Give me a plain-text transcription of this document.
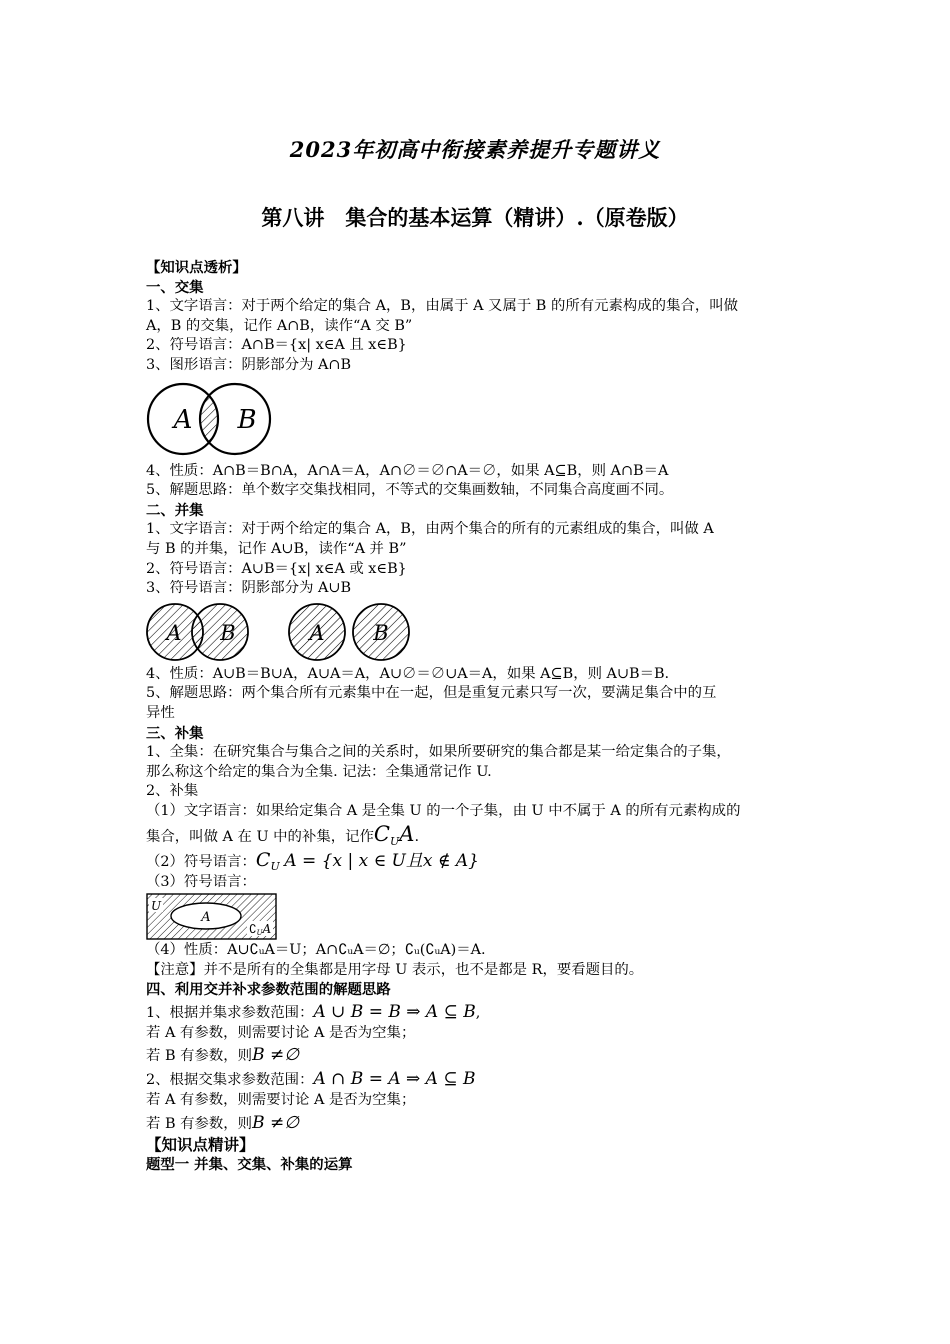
2023年初高中衔接素养提升专题讲义
第八讲　集合的基本运算（精讲）.（原卷版）

【知识点透析】

一、交集

1、文字语言：对于两个给定的集合 A，B，由属于 A 又属于 B 的所有元素构成的集合，叫做

A，B 的交集，记作 A∩B，读作“A 交 B”

2、符号语言：A∩B＝{x| x∈A 且 x∈B}

3、图形语言：阴影部分为 A∩B

A B

4、性质：A∩B＝B∩A，A∩A＝A，A∩∅＝∅∩A＝∅，如果 A⊆B，则 A∩B＝A

5、解题思路：单个数字交集找相同，不等式的交集画数轴，不同集合高度画不同。

二、并集

1、文字语言：对于两个给定的集合 A，B，由两个集合的所有的元素组成的集合，叫做 A

与 B 的并集，记作 A∪B，读作“A 并 B”

2、符号语言：A∪B＝{x| x∈A 或 x∈B}

3、符号语言：阴影部分为 A∪B

A B	A B

4、性质：A∪B＝B∪A，A∪A＝A，A∪∅＝∅∪A＝A，如果 A⊆B，则 A∪B＝B.

5、解题思路：两个集合所有元素集中在一起，但是重复元素只写一次，要满足集合中的互

异性

三、补集

1、全集：在研究集合与集合之间的关系时，如果所要研究的集合都是某一给定集合的子集，

那么称这个给定的集合为全集. 记法：全集通常记作 U.

2、补集

（1）文字语言：如果给定集合 A 是全集 U 的一个子集，由 U 中不属于 A 的所有元素构成的

集合，叫做 A 在 U 中的补集，记作$C_UA$.

（2）符号语言：$C_U$ A = {x | x ∈ U且x ∉ A}

（3）符号语言：

U
A
∁UA

（4）性质：A∪∁ᵤA＝U；A∩∁ᵤA＝∅；∁ᵤ(∁ᵤA)＝A.

【注意】并不是所有的全集都是用字母 U 表示，也不是都是 R，要看题目的。

四、利用交并补求参数范围的解题思路

1、根据并集求参数范围：A ∪ B = B ⇒ A ⊆ B,

若 A 有参数，则需要讨论 A 是否为空集；

若 B 有参数，则B ≠∅

2、根据交集求参数范围：A ∩ B = A ⇒ A ⊆ B

若 A 有参数，则需要讨论 A 是否为空集；

若 B 有参数，则B ≠∅

【知识点精讲】

题型一 并集、交集、补集的运算
